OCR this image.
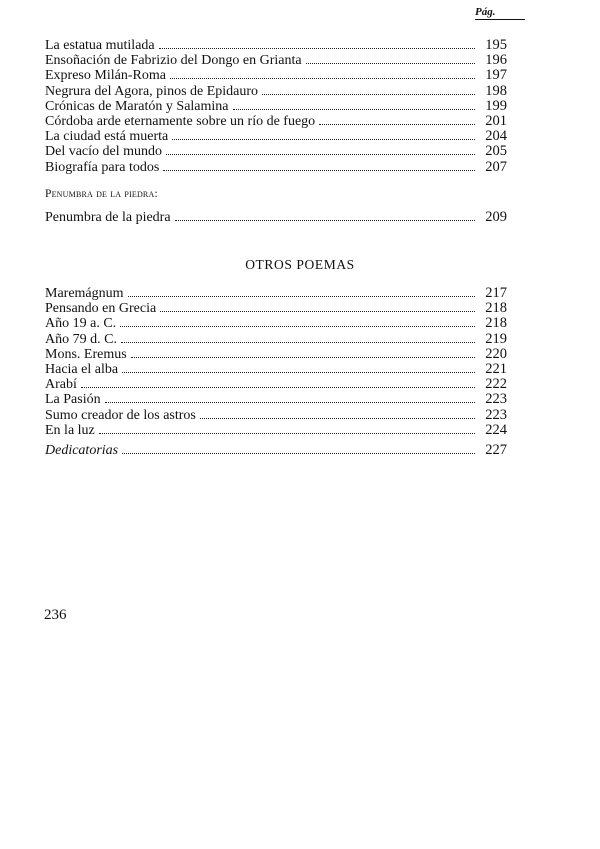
Pág.
La estatua mutilada	195
Ensoñación de Fabrizio del Dongo en Grianta	196
Expreso Milán-Roma	197
Negrura del Agora, pinos de Epidauro	198
Crónicas de Maratón y Salamina	199
Córdoba arde eternamente sobre un río de fuego	201
La ciudad está muerta	204
Del vacío del mundo	205
Biografía para todos	207
Penumbra de la piedra:
Penumbra de la piedra	209
OTROS POEMAS
Maremágnum	217
Pensando en Grecia	218
Año 19 a. C.	218
Año 79 d. C.	219
Mons. Eremus	220
Hacia el alba	221
Arabí	222
La Pasión	223
Sumo creador de los astros	223
En la luz	224
Dedicatorias	227
236
